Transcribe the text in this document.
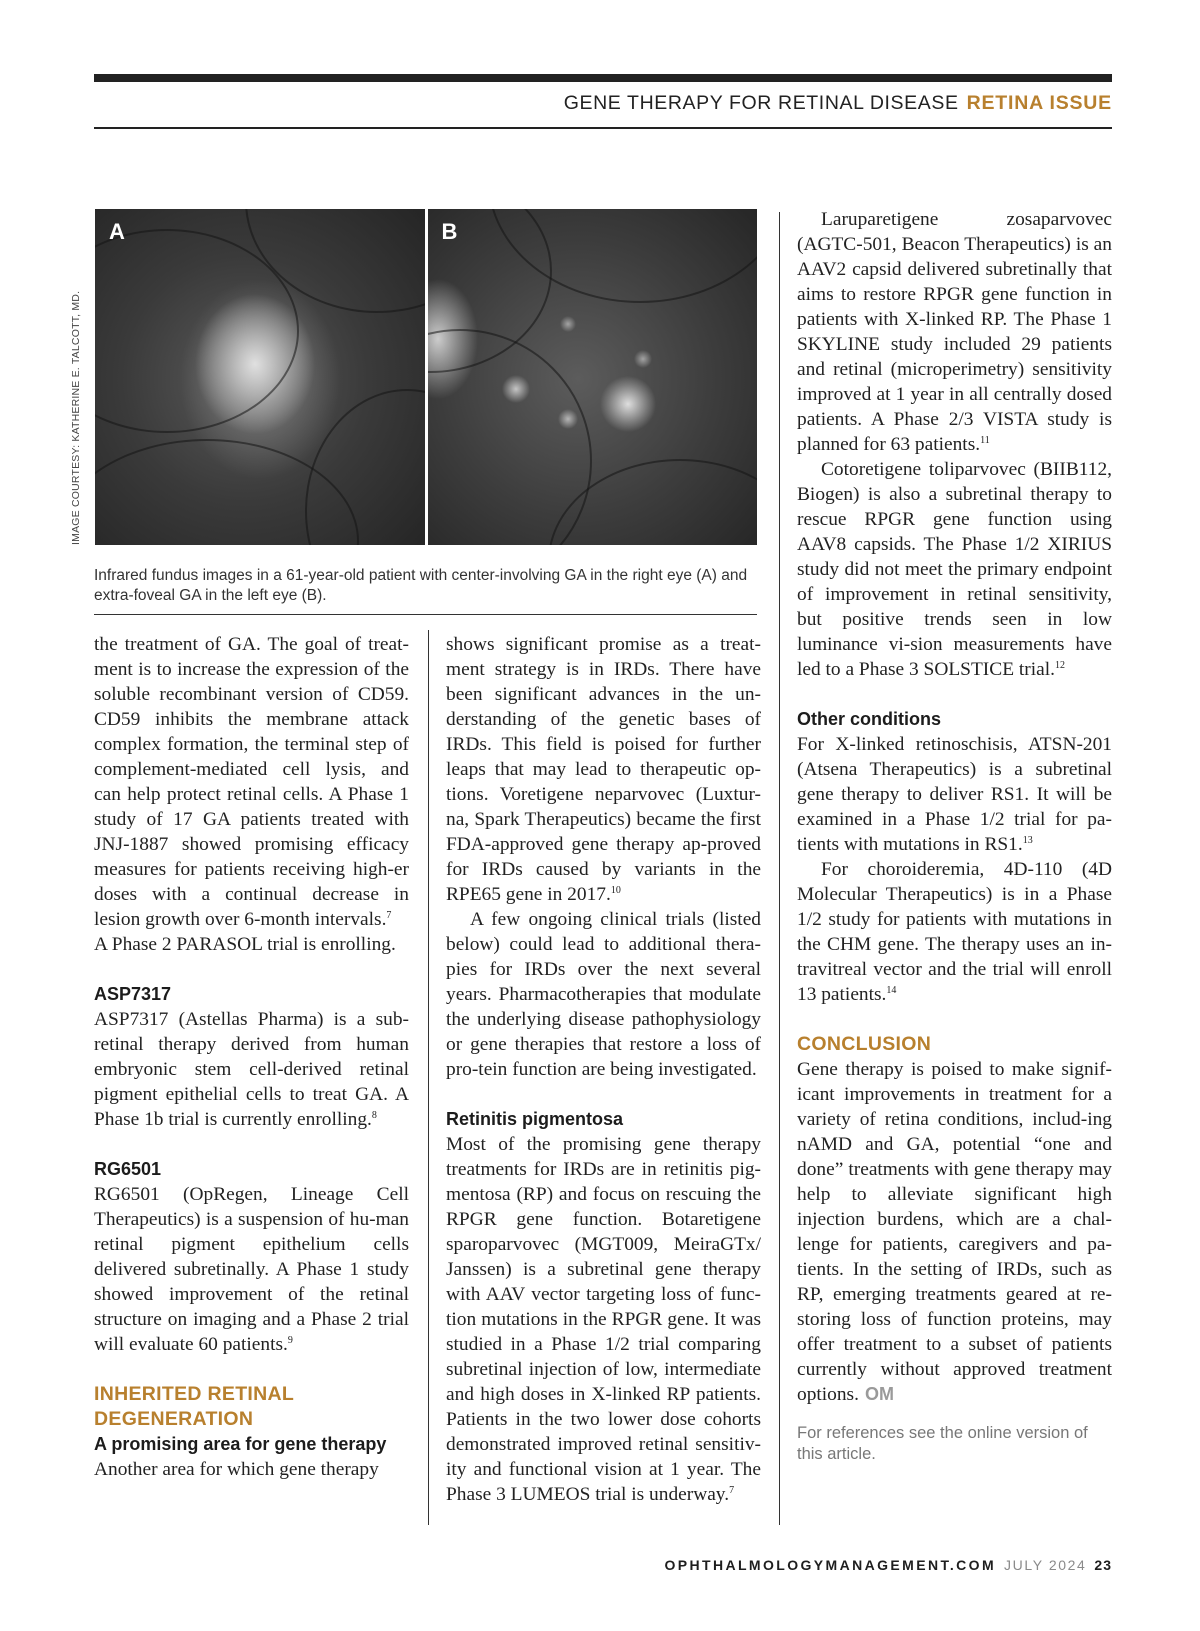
GENE THERAPY FOR RETINAL DISEASE RETINA ISSUE
IMAGE COURTESY: KATHERINE E. TALCOTT, MD.
A	B
Infrared fundus images in a 61-year-old patient with center-involving GA in the right eye (A) and extra-foveal GA in the left eye (B).

the treatment of GA. The goal of treat-ment is to increase the expression of the soluble recombinant version of CD59. CD59 inhibits the membrane attack complex formation, the terminal step of complement-mediated cell lysis, and can help protect retinal cells. A Phase 1 study of 17 GA patients treated with JNJ-1887 showed promising efficacy measures for patients receiving high-er doses with a continual decrease in lesion growth over 6-month intervals.$^7$

A Phase 2 PARASOL trial is enrolling.

ASP7317

ASP7317 (Astellas Pharma) is a sub-retinal therapy derived from human embryonic stem cell-derived retinal pigment epithelial cells to treat GA. A Phase 1b trial is currently enrolling.$^8$

RG6501

RG6501 (OpRegen, Lineage Cell Therapeutics) is a suspension of hu-man retinal pigment epithelium cells delivered subretinally. A Phase 1 study showed improvement of the retinal structure on imaging and a Phase 2 trial will evaluate 60 patients.$^9$

INHERITED RETINAL DEGENERATION
A promising area for gene therapy

Another area for which gene therapy

shows significant promise as a treat-ment strategy is in IRDs. There have been significant advances in the un-derstanding of the genetic bases of IRDs. This field is poised for further leaps that may lead to therapeutic op-tions. Voretigene neparvovec (Luxtur-na, Spark Therapeutics) became the first FDA-approved gene therapy ap-proved for IRDs caused by variants in the RPE65 gene in 2017.10

A few ongoing clinical trials (listed below) could lead to additional thera-pies for IRDs over the next several years. Pharmacotherapies that modulate the underlying disease pathophysiology or gene therapies that restore a loss of pro-tein function are being investigated.

Retinitis pigmentosa

Most of the promising gene therapy treatments for IRDs are in retinitis pig-mentosa (RP) and focus on rescuing the RPGR gene function. Botaretigene sparoparvovec (MGT009, MeiraGTx/ Janssen) is a subretinal gene therapy with AAV vector targeting loss of func-tion mutations in the RPGR gene. It was studied in a Phase 1/2 trial comparing subretinal injection of low, intermediate and high doses in X-linked RP patients. Patients in the two lower dose cohorts demonstrated improved retinal sensitiv-ity and functional vision at 1 year. The Phase 3 LUMEOS trial is underway.$^7$

Laruparetigene zosaparvovec (AGTC-501, Beacon Therapeutics) is an AAV2 capsid delivered subretinally that aims to restore RPGR gene function in patients with X-linked RP. The Phase 1 SKYLINE study included 29 patients and retinal (microperimetry) sensitivity improved at 1 year in all centrally dosed patients. A Phase 2/3 VISTA study is planned for 63 patients.$^{11}$

Cotoretigene toliparvovec (BIIB112, Biogen) is also a subretinal therapy to rescue RPGR gene function using AAV8 capsids. The Phase 1/2 XIRIUS study did not meet the primary endpoint of improvement in retinal sensitivity, but positive trends seen in low luminance vi-sion measurements have led to a Phase 3 SOLSTICE trial.$^{12}$

Other conditions

For X-linked retinoschisis, ATSN-201 (Atsena Therapeutics) is a subretinal gene therapy to deliver RS1. It will be examined in a Phase 1/2 trial for pa-tients with mutations in RS1.13

For choroideremia, 4D-110 (4D Molecular Therapeutics) is in a Phase 1/2 study for patients with mutations in the CHM gene. The therapy uses an in-travitreal vector and the trial will enroll 13 patients.$^{14}$

CONCLUSION

Gene therapy is poised to make signif-icant improvements in treatment for a variety of retina conditions, includ-ing nAMD and GA, potential “one and done” treatments with gene therapy may help to alleviate significant high injection burdens, which are a chal-lenge for patients, caregivers and pa-tients. In the setting of IRDs, such as RP, emerging treatments geared at re-storing loss of function proteins, may offer treatment to a subset of patients currently without approved treatment options. OM

For references see the online version of this article.
OPHTHALMOLOGYMANAGEMENT.COM JULY 2024 23
